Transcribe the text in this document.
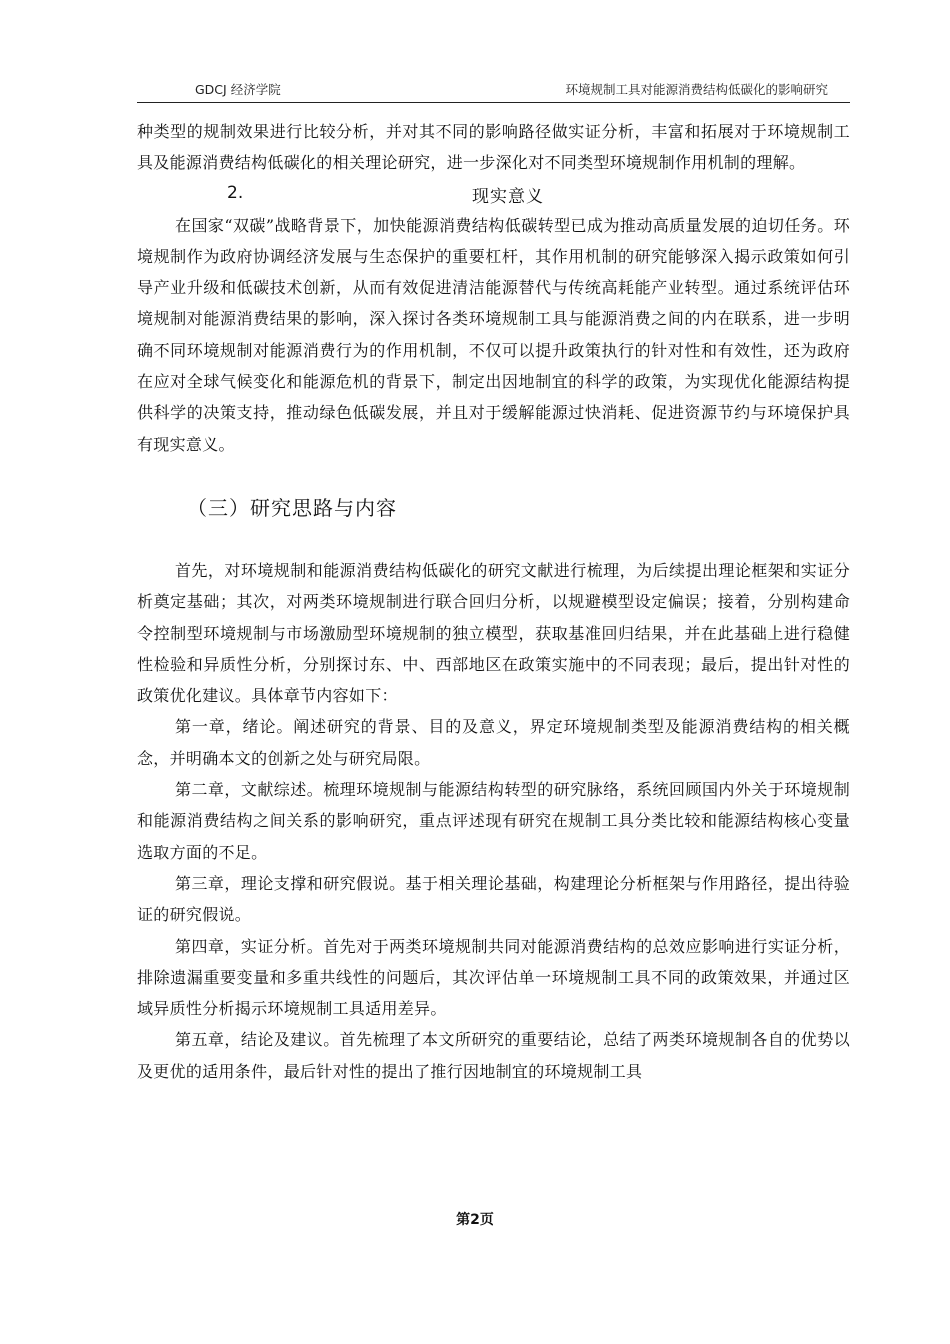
GDCJ 经济学院	环境规制工具对能源消费结构低碳化的影响研究

种类型的规制效果进行比较分析，并对其不同的影响路径做实证分析，丰富和拓展对于环境规制工具及能源消费结构低碳化的相关理论研究，进一步深化对不同类型环境规制作用机制的理解。

2.	现实意义

在国家“双碳”战略背景下，加快能源消费结构低碳转型已成为推动高质量发展的迫切任务。环境规制作为政府协调经济发展与生态保护的重要杠杆，其作用机制的研究能够深入揭示政策如何引导产业升级和低碳技术创新，从而有效促进清洁能源替代与传统高耗能产业转型。通过系统评估环境规制对能源消费结果的影响，深入探讨各类环境规制工具与能源消费之间的内在联系，进一步明确不同环境规制对能源消费行为的作用机制，不仅可以提升政策执行的针对性和有效性，还为政府在应对全球气候变化和能源危机的背景下，制定出因地制宜的科学的政策，为实现优化能源结构提供科学的决策支持，推动绿色低碳发展，并且对于缓解能源过快消耗、促进资源节约与环境保护具有现实意义。

（三）研究思路与内容

首先，对环境规制和能源消费结构低碳化的研究文献进行梳理，为后续提出理论框架和实证分析奠定基础；其次，对两类环境规制进行联合回归分析，以规避模型设定偏误；接着，分别构建命令控制型环境规制与市场激励型环境规制的独立模型，获取基准回归结果，并在此基础上进行稳健性检验和异质性分析，分别探讨东、中、西部地区在政策实施中的不同表现；最后，提出针对性的政策优化建议。具体章节内容如下：

第一章，绪论。阐述研究的背景、目的及意义，界定环境规制类型及能源消费结构的相关概念，并明确本文的创新之处与研究局限。

第二章，文献综述。梳理环境规制与能源结构转型的研究脉络，系统回顾国内外关于环境规制和能源消费结构之间关系的影响研究，重点评述现有研究在规制工具分类比较和能源结构核心变量选取方面的不足。

第三章，理论支撑和研究假说。基于相关理论基础，构建理论分析框架与作用路径，提出待验证的研究假说。

第四章，实证分析。首先对于两类环境规制共同对能源消费结构的总效应影响进行实证分析，排除遗漏重要变量和多重共线性的问题后，其次评估单一环境规制工具不同的政策效果，并通过区域异质性分析揭示环境规制工具适用差异。

第五章，结论及建议。首先梳理了本文所研究的重要结论，总结了两类环境规制各自的优势以及更优的适用条件，最后针对性的提出了推行因地制宜的环境规制工具

第2页
